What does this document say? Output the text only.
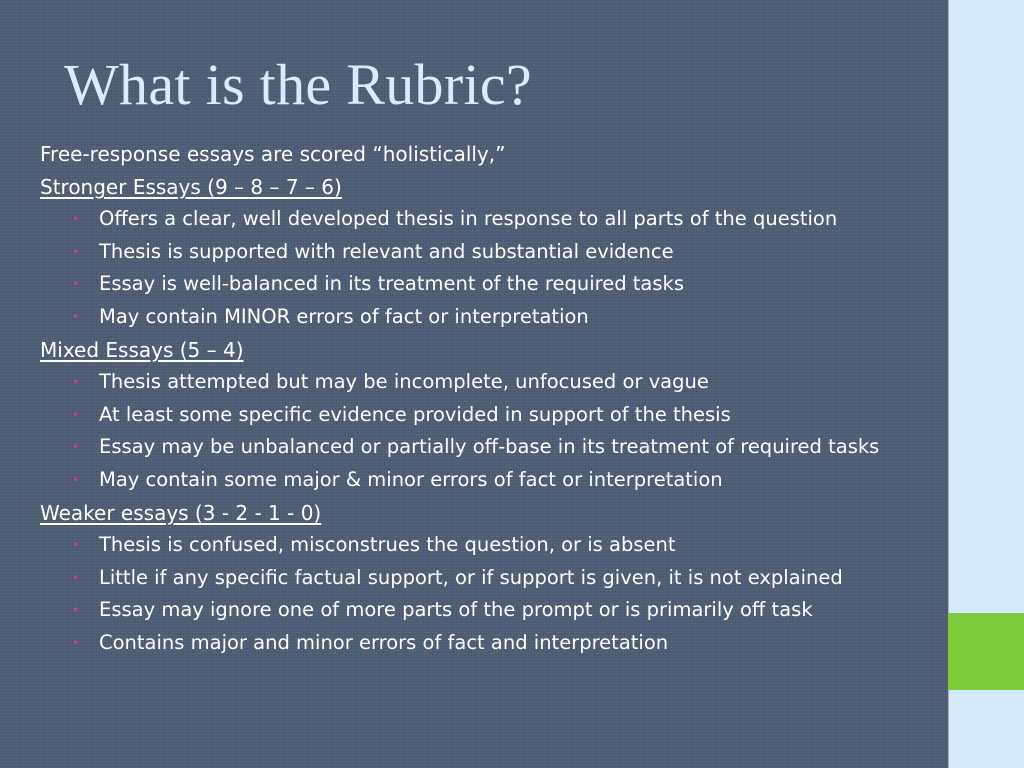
What is the Rubric?
Free-response essays are scored “holistically,”
Stronger Essays (9 – 8 – 7 – 6)
•	Offers a clear, well developed thesis in response to all parts of the question
•	Thesis is supported with relevant and substantial evidence
•	Essay is well-balanced in its treatment of the required tasks
•	May contain MINOR errors of fact or interpretation
Mixed Essays (5 – 4)
•	Thesis attempted but may be incomplete, unfocused or vague
•	At least some specific evidence provided in support of the thesis
•	Essay may be unbalanced or partially off-base in its treatment of required tasks
•	May contain some major & minor errors of fact or interpretation
Weaker essays (3 - 2 - 1 - 0)
•	Thesis is confused, misconstrues the question, or is absent
•	Little if any specific factual support, or if support is given, it is not explained
•	Essay may ignore one of more parts of the prompt or is primarily off task
•	Contains major and minor errors of fact and interpretation
